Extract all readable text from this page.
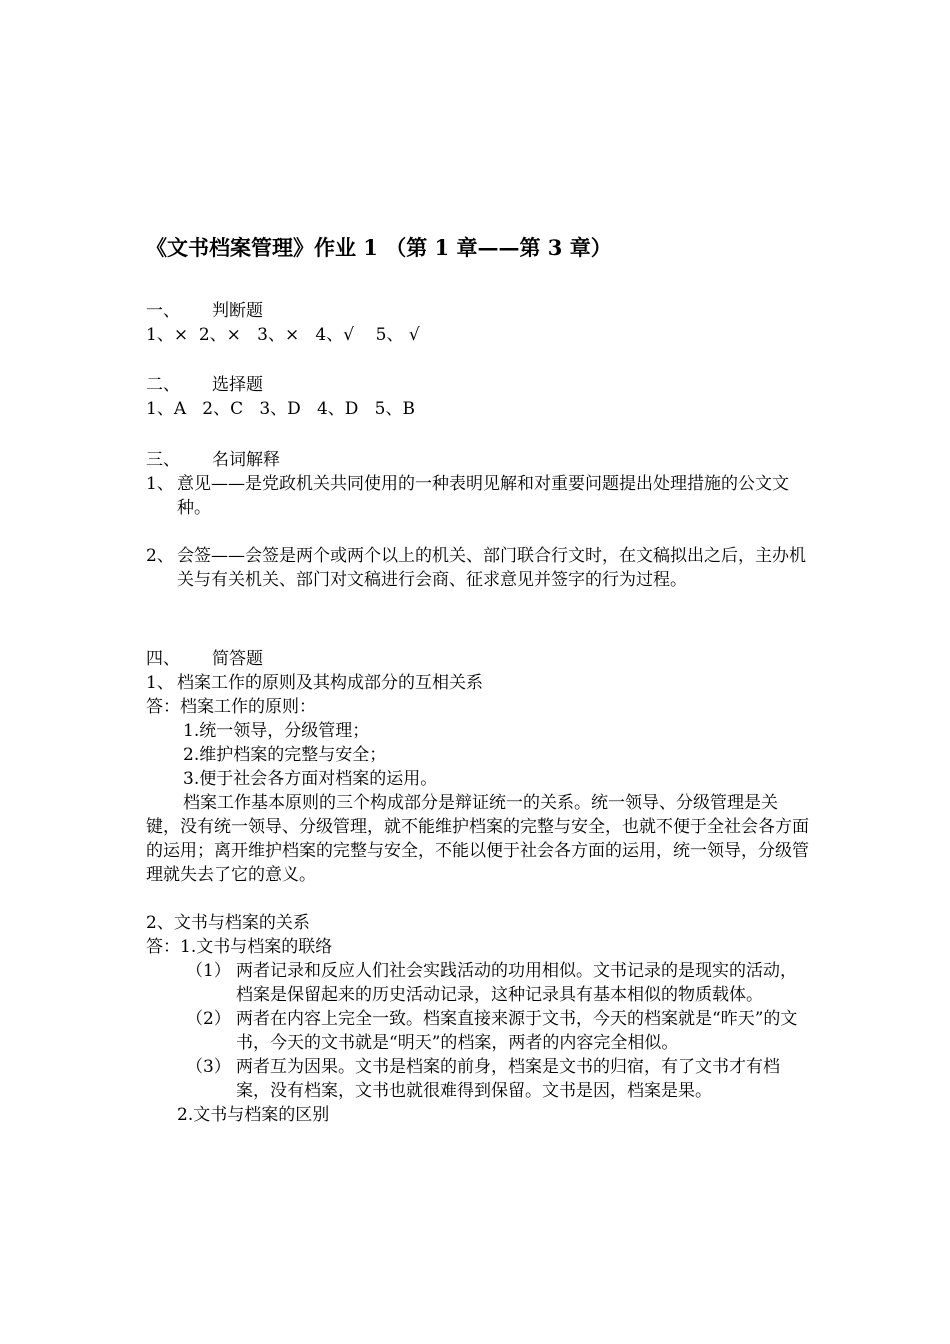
《文书档案管理》作业 1 （第 1 章——第 3 章）
一、 判断题
1、×  2、×   3、×   4、√    5、 √
二、 选择题
1、A   2、C   3、D   4、D   5、B
三、 名词解释
1、 意见——是党政机关共同使用的一种表明见解和对重要问题提出处理措施的公文文种。
2、 会签——会签是两个或两个以上的机关、部门联合行文时，在文稿拟出之后，主办机关与有关机关、部门对文稿进行会商、征求意见并签字的行为过程。
四、 简答题
1、 档案工作的原则及其构成部分的互相关系
答：档案工作的原则：
1.统一领导，分级管理；
2.维护档案的完整与安全；
3.便于社会各方面对档案的运用。
档案工作基本原则的三个构成部分是辩证统一的关系。统一领导、分级管理是关键，没有统一领导、分级管理，就不能维护档案的完整与安全，也就不便于全社会各方面的运用；离开维护档案的完整与安全，不能以便于社会各方面的运用，统一领导，分级管理就失去了它的意义。
2、文书与档案的关系
答：1.文书与档案的联络
（1） 两者记录和反应人们社会实践活动的功用相似。文书记录的是现实的活动，档案是保留起来的历史活动记录，这种记录具有基本相似的物质载体。
（2） 两者在内容上完全一致。档案直接来源于文书，今天的档案就是“昨天”的文书，今天的文书就是“明天”的档案，两者的内容完全相似。
（3） 两者互为因果。文书是档案的前身，档案是文书的归宿，有了文书才有档案，没有档案，文书也就很难得到保留。文书是因，档案是果。
2.文书与档案的区别
